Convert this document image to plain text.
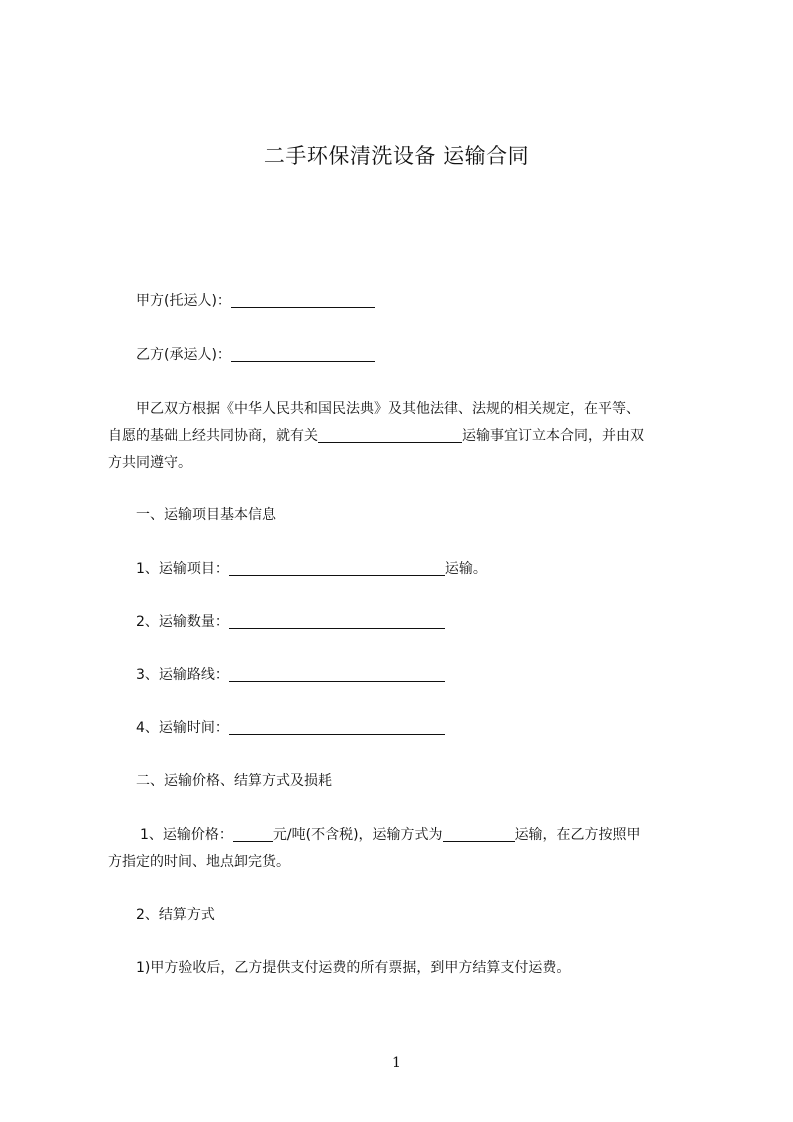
二手环保清洗设备 运输合同
甲方(托运人)：
乙方(承运人)：
甲乙双方根据《中华人民共和国民法典》及其他法律、法规的相关规定，在平等、
自愿的基础上经共同协商，就有关	运输事宜订立本合同，并由双
方共同遵守。
一、运输项目基本信息
1、运输项目：	运输。
2、运输数量：
3、运输路线：
4、运输时间：
二、运输价格、结算方式及损耗
1、运输价格：	元/吨(不含税)，运输方式为	运输，在乙方按照甲
方指定的时间、地点卸完货。
2、结算方式
1)甲方验收后，乙方提供支付运费的所有票据，到甲方结算支付运费。
1
